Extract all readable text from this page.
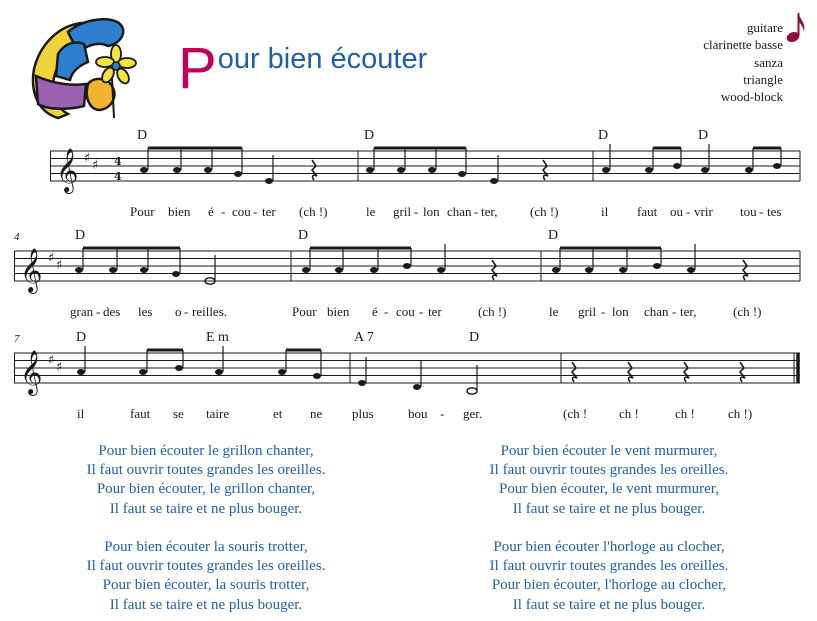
Pour bien écouter
guitare
clarinette basse
sanza
triangle
wood-block
𝄞 ♯ ♯ 4
4
D	D	D	D
Pour bien é - cou - ter (ch !)	le gril - lon chan - ter,	(ch !)	il faut ou - vrir tou - tes
4
𝄞 ♯ ♯
D	D	D
gran - des les o - reilles.	Pour bien é - cou - ter	(ch !)	le gril - lon chan - ter,	(ch !)
7
𝄞 ♯ ♯
D	E m	A 7	D
il	faut se taire	et ne plus	bou - ger.	(ch ! ch !	ch !	ch !)
Pour bien écouter le grillon chanter,
Il faut ouvrir toutes grandes les oreilles.
Pour bien écouter, le grillon chanter,
Il faut se taire et ne plus bouger.
Pour bien écouter la souris trotter,
Il faut ouvrir toutes grandes les oreilles.
Pour bien écouter, la souris trotter,
Il faut se taire et ne plus bouger.
Pour bien écouter le vent murmurer,
Il faut ouvrir toutes grandes les oreilles.
Pour bien écouter, le vent murmurer,
Il faut se taire et ne plus bouger.
Pour bien écouter l'horloge au clocher,
Il faut ouvrir toutes grandes les oreilles.
Pour bien écouter, l'horloge au clocher,
Il faut se taire et ne plus bouger.
